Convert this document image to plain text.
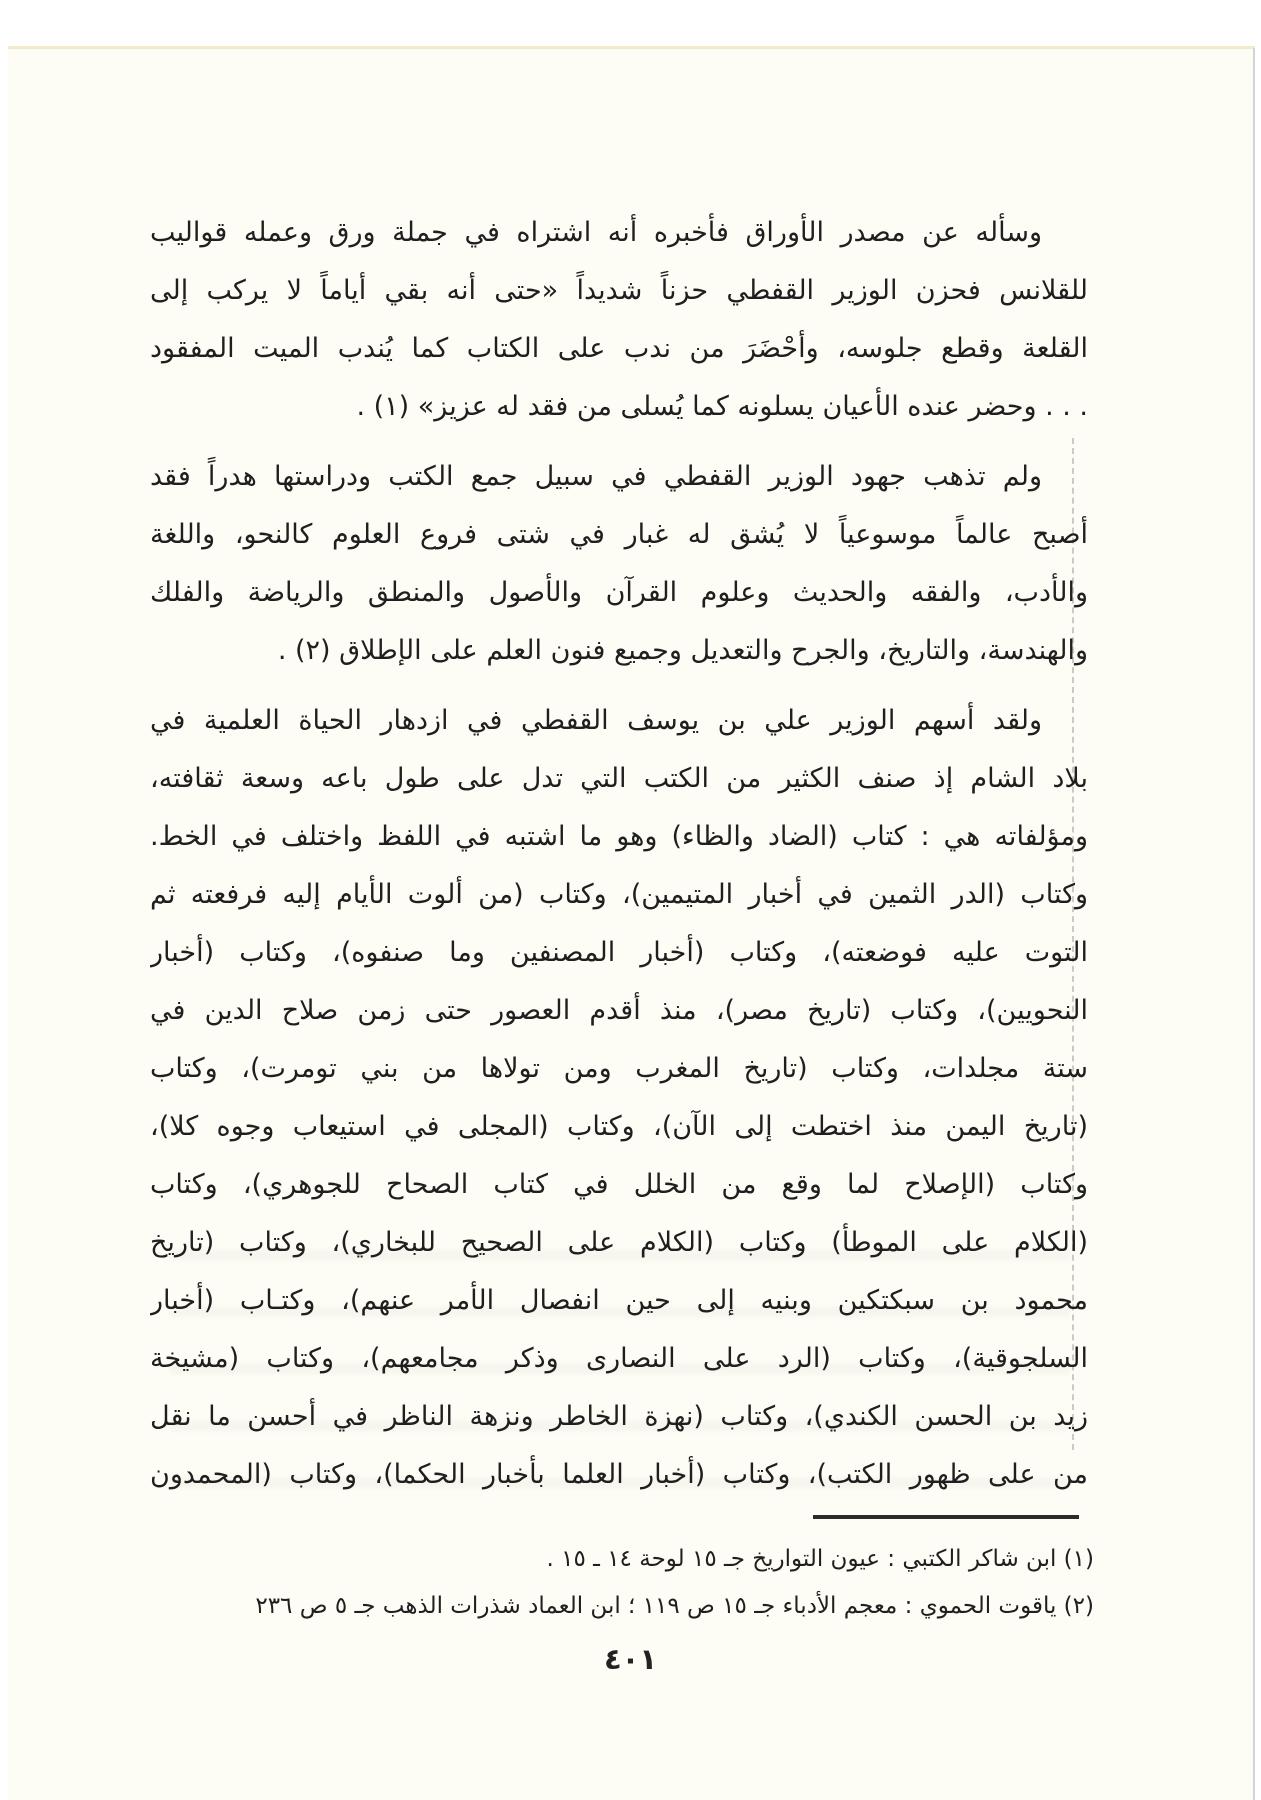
وسأله عن مصدر الأوراق فأخبره أنه اشتراه في جملة ورق وعمله قواليب
للقلانس فحزن الوزير القفطي حزناً شديداً «حتى أنه بقي أياماً لا يركب إلى
القلعة وقطع جلوسه، وأحْضَرَ من ندب على الكتاب كما يُندب الميت المفقود
. . . وحضر عنده الأعيان يسلونه كما يُسلى من فقد له عزيز» (١) .
ولم تذهب جهود الوزير القفطي في سبيل جمع الكتب ودراستها هدراً فقد
أصبح عالماً موسوعياً لا يُشق له غبار في شتى فروع العلوم كالنحو، واللغة
والأدب، والفقه والحديث وعلوم القرآن والأصول والمنطق والرياضة والفلك
والهندسة، والتاريخ، والجرح والتعديل وجميع فنون العلم على الإطلاق (٢) .
ولقد أسهم الوزير علي بن يوسف القفطي في ازدهار الحياة العلمية في
بلاد الشام إذ صنف الكثير من الكتب التي تدل على طول باعه وسعة ثقافته،
ومؤلفاته هي : كتاب (الضاد والظاء) وهو ما اشتبه في اللفظ واختلف في الخط.
وكتاب (الدر الثمين في أخبار المتيمين)، وكتاب (من ألوت الأيام إليه فرفعته ثم
التوت عليه فوضعته)، وكتاب (أخبار المصنفين وما صنفوه)، وكتاب (أخبار
النحويين)، وكتاب (تاريخ مصر)، منذ أقدم العصور حتى زمن صلاح الدين في
ستة مجلدات، وكتاب (تاريخ المغرب ومن تولاها من بني تومرت)، وكتاب
(تاريخ اليمن منذ اختطت إلى الآن)، وكتاب (المجلى في استيعاب وجوه كلا)،
وكتاب (الإصلاح لما وقع من الخلل في كتاب الصحاح للجوهري)، وكتاب
(الكلام على الموطأ) وكتاب (الكلام على الصحيح للبخاري)، وكتاب (تاريخ
محمود بن سبكتكين وبنيه إلى حين انفصال الأمر عنهم)، وكتـاب (أخبار
السلجوقية)، وكتاب (الرد على النصارى وذكر مجامعهم)، وكتاب (مشيخة
زيد بن الحسن الكندي)، وكتاب (نهزة الخاطر ونزهة الناظر في أحسن ما نقل
من على ظهور الكتب)، وكتاب (أخبار العلما بأخبار الحكما)، وكتاب (المحمدون
(١) ابن شاكر الكتبي : عيون التواريخ جـ ١٥ لوحة ١٤ ـ ١٥ .
(٢) ياقوت الحموي : معجم الأدباء جـ ١٥ ص ١١٩ ؛ ابن العماد شذرات الذهب جـ ٥ ص ٢٣٦
٤٠١
